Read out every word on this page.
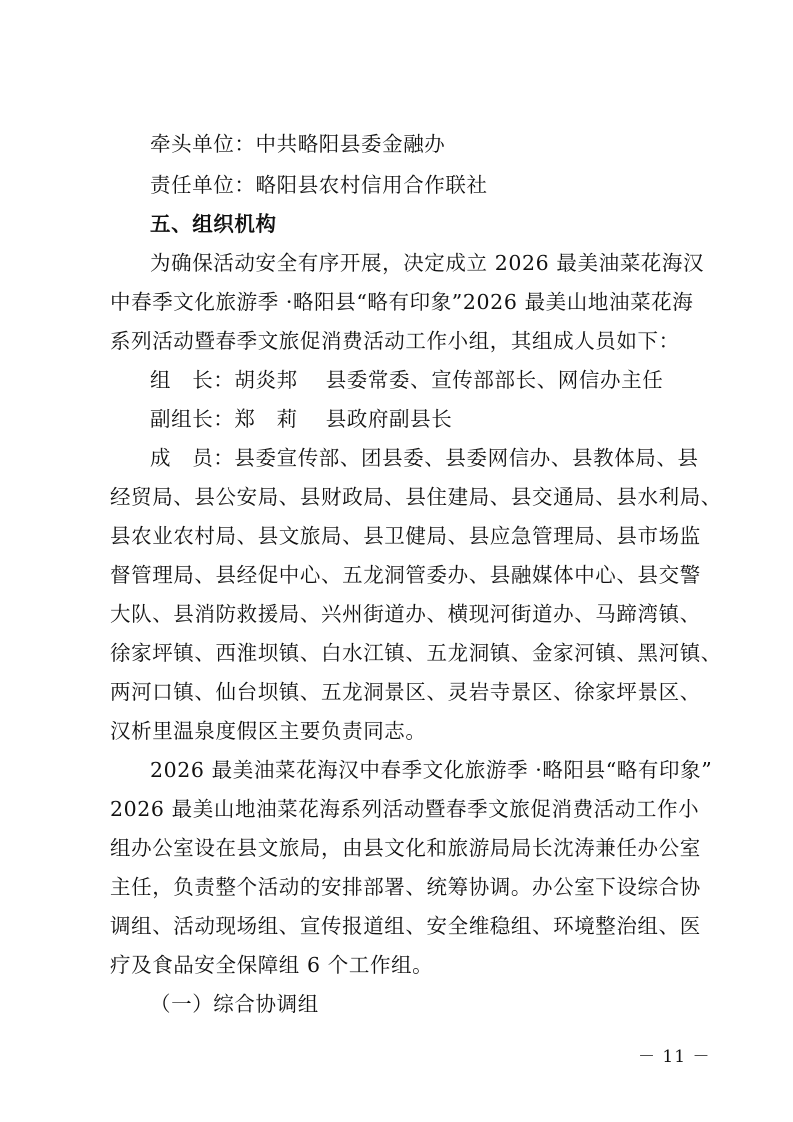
牵头单位：中共略阳县委金融办
责任单位：略阳县农村信用合作联社
五、组织机构
为确保活动安全有序开展，决定成立 2026 最美油菜花海汉
中春季文化旅游季 ·略阳县“略有印象”2026 最美山地油菜花海
系列活动暨春季文旅促消费活动工作小组，其组成人员如下：
组　长：胡炎邦 县委常委、宣传部部长、网信办主任
副组长：郑　莉 县政府副县长
成　员：县委宣传部、团县委、县委网信办、县教体局、县
经贸局、县公安局、县财政局、县住建局、县交通局、县水利局、
县农业农村局、县文旅局、县卫健局、县应急管理局、县市场监
督管理局、县经促中心、五龙洞管委办、县融媒体中心、县交警
大队、县消防救援局、兴州街道办、横现河街道办、马蹄湾镇、
徐家坪镇、西淮坝镇、白水江镇、五龙洞镇、金家河镇、黑河镇、
两河口镇、仙台坝镇、五龙洞景区、灵岩寺景区、徐家坪景区、
汉析里温泉度假区主要负责同志。
2026 最美油菜花海汉中春季文化旅游季 ·略阳县“略有印象”
2026 最美山地油菜花海系列活动暨春季文旅促消费活动工作小
组办公室设在县文旅局，由县文化和旅游局局长沈涛兼任办公室
主任，负责整个活动的安排部署、统筹协调。办公室下设综合协
调组、活动现场组、宣传报道组、安全维稳组、环境整治组、医
疗及食品安全保障组 6 个工作组。
（一）综合协调组
－ 11 －
